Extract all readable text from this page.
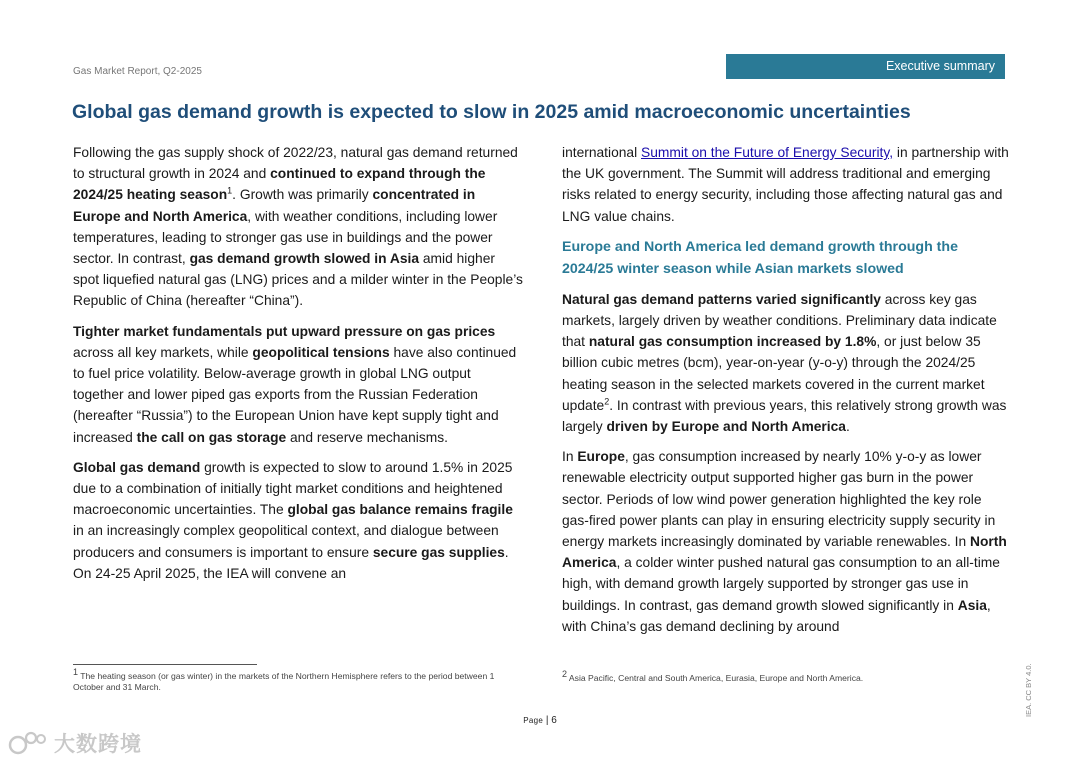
Gas Market Report, Q2-2025	Executive summary
Global gas demand growth is expected to slow in 2025 amid macroeconomic uncertainties

Following the gas supply shock of 2022/23, natural gas demand returned to structural growth in 2024 and continued to expand through the 2024/25 heating season$^1$. Growth was primarily concentrated in Europe and North America, with weather conditions, including lower temperatures, leading to stronger gas use in buildings and the power sector. In contrast, gas demand growth slowed in Asia amid higher spot liquefied natural gas (LNG) prices and a milder winter in the People’s Republic of China (hereafter “China”).

Tighter market fundamentals put upward pressure on gas prices across all key markets, while geopolitical tensions have also continued to fuel price volatility. Below-average growth in global LNG output together and lower piped gas exports from the Russian Federation (hereafter “Russia”) to the European Union have kept supply tight and increased the call on gas storage and reserve mechanisms.

Global gas demand growth is expected to slow to around 1.5% in 2025 due to a combination of initially tight market conditions and heightened macroeconomic uncertainties. The global gas balance remains fragile in an increasingly complex geopolitical context, and dialogue between producers and consumers is important to ensure secure gas supplies. On 24-25 April 2025, the IEA will convene an

international Summit on the Future of Energy Security, in partnership with the UK government. The Summit will address traditional and emerging risks related to energy security, including those affecting natural gas and LNG value chains.

Europe and North America led demand growth through the 2024/25 winter season while Asian markets slowed

Natural gas demand patterns varied significantly across key gas markets, largely driven by weather conditions. Preliminary data indicate that natural gas consumption increased by 1.8%, or just below 35 billion cubic metres (bcm), year-on-year (y-o-y) through the 2024/25 heating season in the selected markets covered in the current market update$^2$. In contrast with previous years, this relatively strong growth was largely driven by Europe and North America.

In Europe, gas consumption increased by nearly 10% y-o-y as lower renewable electricity output supported higher gas burn in the power sector. Periods of low wind power generation highlighted the key role gas-fired power plants can play in ensuring electricity supply security in energy markets increasingly dominated by variable renewables. In North America, a colder winter pushed natural gas consumption to an all-time high, with demand growth largely supported by stronger gas use in buildings. In contrast, gas demand growth slowed significantly in Asia, with China’s gas demand declining by around

$^1$ The heating season (or gas winter) in the markets of the Northern Hemisphere refers to the period between 1 October and 31 March.
$^2$ Asia Pacific, Central and South America, Eurasia, Europe and North America.
Page | 6
IEA. CC BY 4.0.
大数跨境
